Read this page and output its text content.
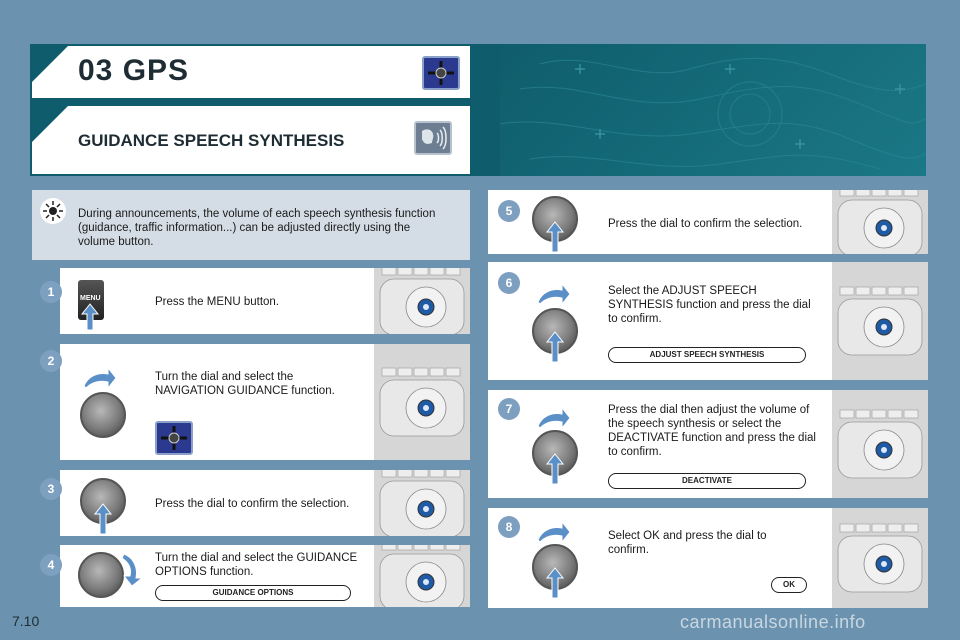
03 GPS
GUIDANCE SPEECH SYNTHESIS
During announcements, the volume of each speech synthesis function (guidance, traffic information...) can be adjusted directly using the volume button.
1	MENU	Press the MENU button.
2
Turn the dial and select the NAVIGATION GUIDANCE function.
3
Press the dial to confirm the selection.
4	Turn the dial and select the GUIDANCE OPTIONS function.
GUIDANCE OPTIONS
5
Press the dial to confirm the selection.
6
Select the ADJUST SPEECH SYNTHESIS function and press the dial to confirm.
ADJUST SPEECH SYNTHESIS
7	Press the dial then adjust the volume of the speech synthesis or select the DEACTIVATE function and press the dial to confirm.
DEACTIVATE
8
Select OK and press the dial to confirm.
OK
7.10	carmanualsonline.info
